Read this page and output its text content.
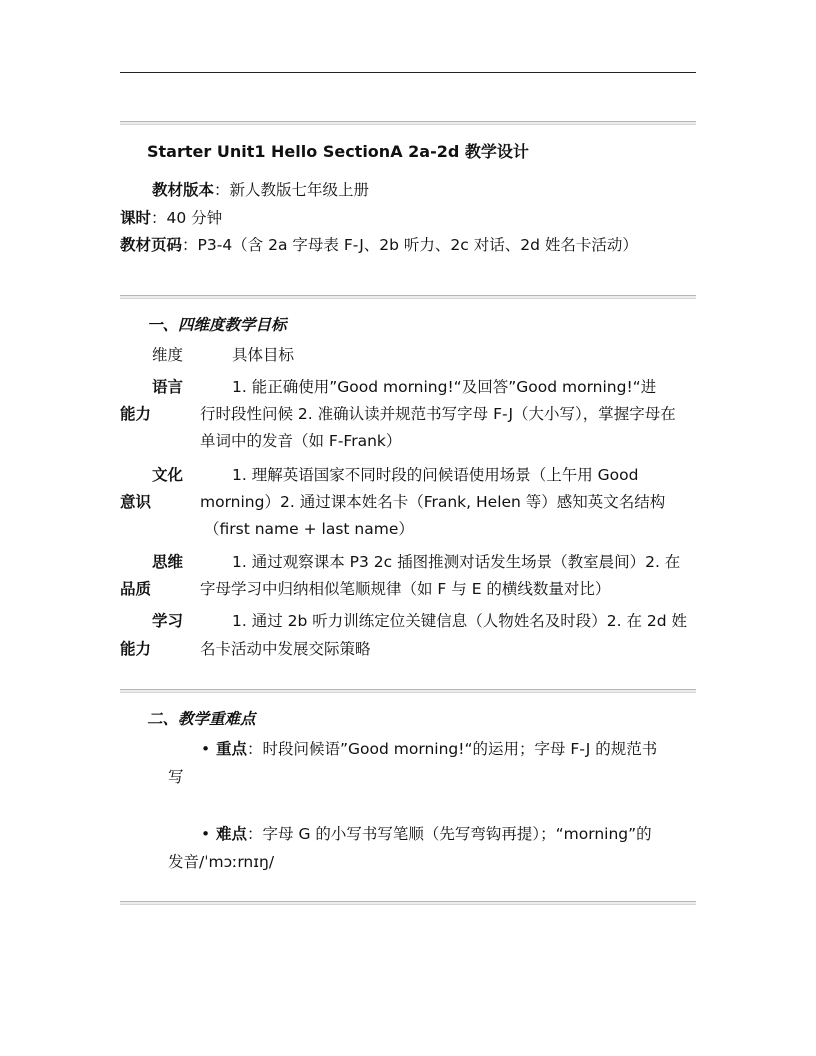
Starter Unit1 Hello SectionA 2a-2d 教学设计
教材版本：新人教版七年级上册
课时：40 分钟
教材页码：P3-4（含 2a 字母表 F-J、2b 听力、2c 对话、2d 姓名卡活动）
一、四维度教学目标
维度	具体目标
语言
能力
1. 能正确使用”Good morning!“及回答”Good morning!“进
行时段性问候 2. 准确认读并规范书写字母 F-J（大小写），掌握字母在
单词中的发音（如 F-Frank）
文化
意识
1. 理解英语国家不同时段的问候语使用场景（上午用 Good
morning）2. 通过课本姓名卡（Frank, Helen 等）感知英文名结构
（first name + last name）
思维
品质
1. 通过观察课本 P3 2c 插图推测对话发生场景（教室晨间）2. 在
字母学习中归纳相似笔顺规律（如 F 与 E 的横线数量对比）
学习
能力
1. 通过 2b 听力训练定位关键信息（人物姓名及时段）2. 在 2d 姓
名卡活动中发展交际策略
二、教学重难点
• 重点：时段问候语”Good morning!“的运用；字母 F-J 的规范书
写
• 难点：字母 G 的小写书写笔顺（先写弯钩再提）；“morning”的
发音/ˈmɔːrnɪŋ/
